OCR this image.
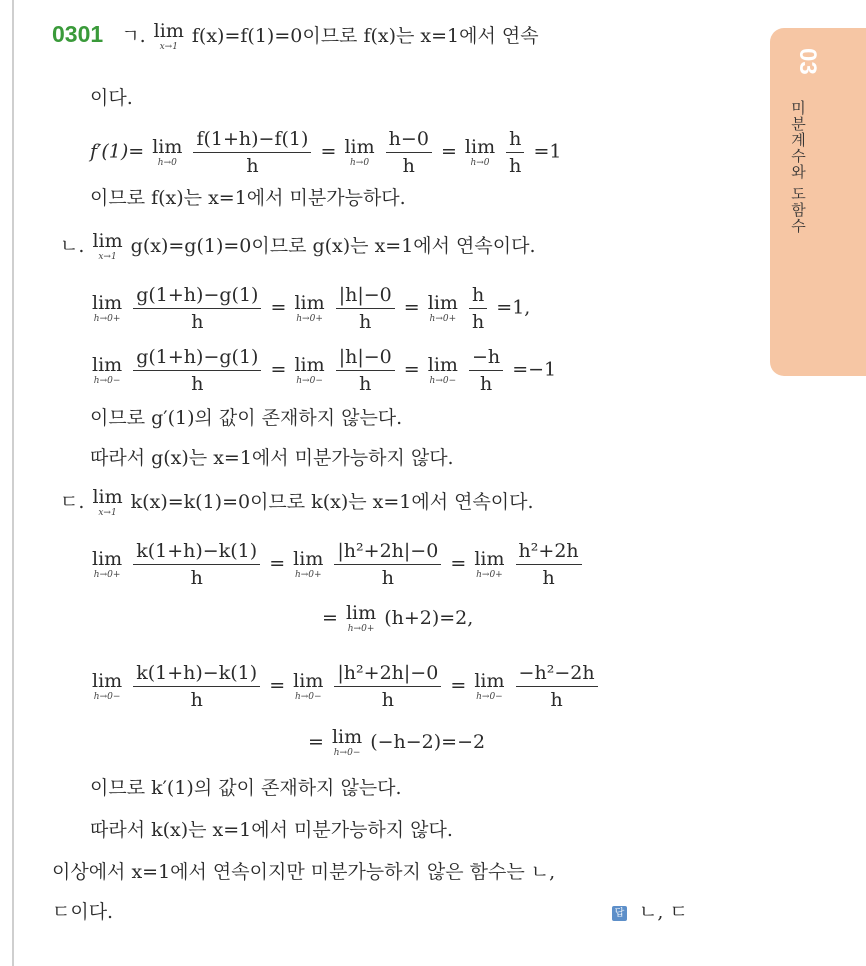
03
미분계수와 도함수
0301 ㄱ. lim
x→1 f(x)=f(1)=0이므로 f(x)는 x=1에서 연속
이다.
f′(1)= lim
h→0
$\frac{f(1+h)-f(1)}{h} = \lim$
h→0
$\frac{h-0}{h} = \lim$
h→0
$\frac{h}{h} =1$
이므로 f(x)는 x=1에서 미분가능하다.
ㄴ. lim
x→1 g(x)=g(1)=0이므로 g(x)는 x=1에서 연속이다.
lim
h→0+
$\frac{g(1+h)-g(1)}{h} = \lim$
h→0+
$\frac{|h|-0}{h} = \lim$
h→0+
$\frac{h}{h} =1$,
lim
h→0−
$\frac{g(1+h)-g(1)}{h} = \lim$
h→0−
$\frac{|h|-0}{h} = \lim$
h→0−
$\frac{-h}{h} =-1$
이므로 g′(1)의 값이 존재하지 않는다.
따라서 g(x)는 x=1에서 미분가능하지 않다.
ㄷ. lim
x→1 k(x)=k(1)=0이므로 k(x)는 x=1에서 연속이다.
lim
h→0+
$\frac{k(1+h)-k(1)}{h} = \lim$
h→0+
$\frac{\text{|h²+2h|−0}}{h} = \lim$
h→0+
$\frac{\text{h²+2h}}{h}$
= lim
h→0+ (h+2)=2,
lim
h→0−
$\frac{k(1+h)-k(1)}{h} = \lim$
h→0−
$\frac{\text{|h²+2h|−0}}{h} = \lim$
h→0−
$\frac{\text{−h²−2h}}{h}$
= lim
h→0− (−h−2)=−2
이므로 k′(1)의 값이 존재하지 않는다.
따라서 k(x)는 x=1에서 미분가능하지 않다.
이상에서 x=1에서 연속이지만 미분가능하지 않은 함수는 ㄴ,
ㄷ이다.	답 ㄴ, ㄷ
